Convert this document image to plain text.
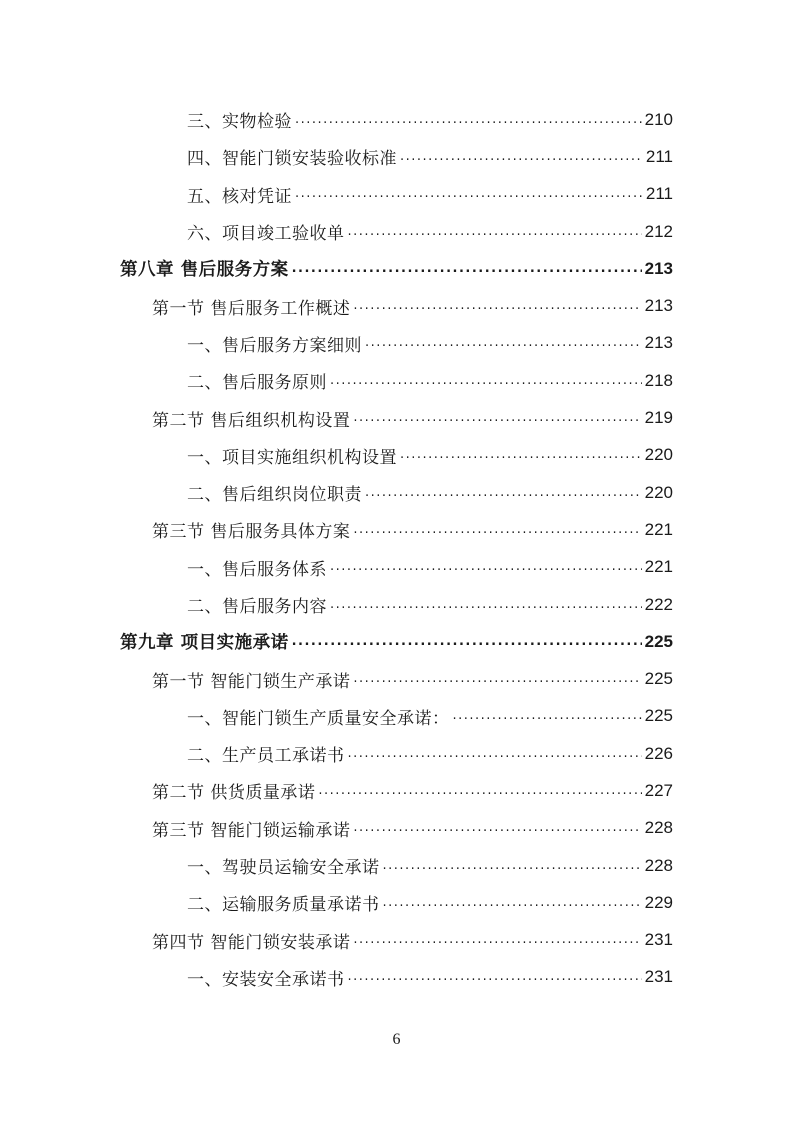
三、实物检验 .....	210
四、智能门锁安装验收标准 .....	211
五、核对凭证 .....	211
六、项目竣工验收单 .....	212
第八章 售后服务方案 .....	213
第一节 售后服务工作概述 .....	213
一、售后服务方案细则 .....	213
二、售后服务原则 .....	218
第二节 售后组织机构设置 .....	219
一、项目实施组织机构设置 .....	220
二、售后组织岗位职责 .....	220
第三节 售后服务具体方案 .....	221
一、售后服务体系 .....	221
二、售后服务内容 .....	222
第九章 项目实施承诺 .....	225
第一节 智能门锁生产承诺 .....	225
一、智能门锁生产质量安全承诺： .....	225
二、生产员工承诺书 .....	226
第二节 供货质量承诺 .....	227
第三节 智能门锁运输承诺 .....	228
一、驾驶员运输安全承诺 .....	228
二、运输服务质量承诺书 .....	229
第四节 智能门锁安装承诺 .....	231
一、安装安全承诺书 .....	231
6
